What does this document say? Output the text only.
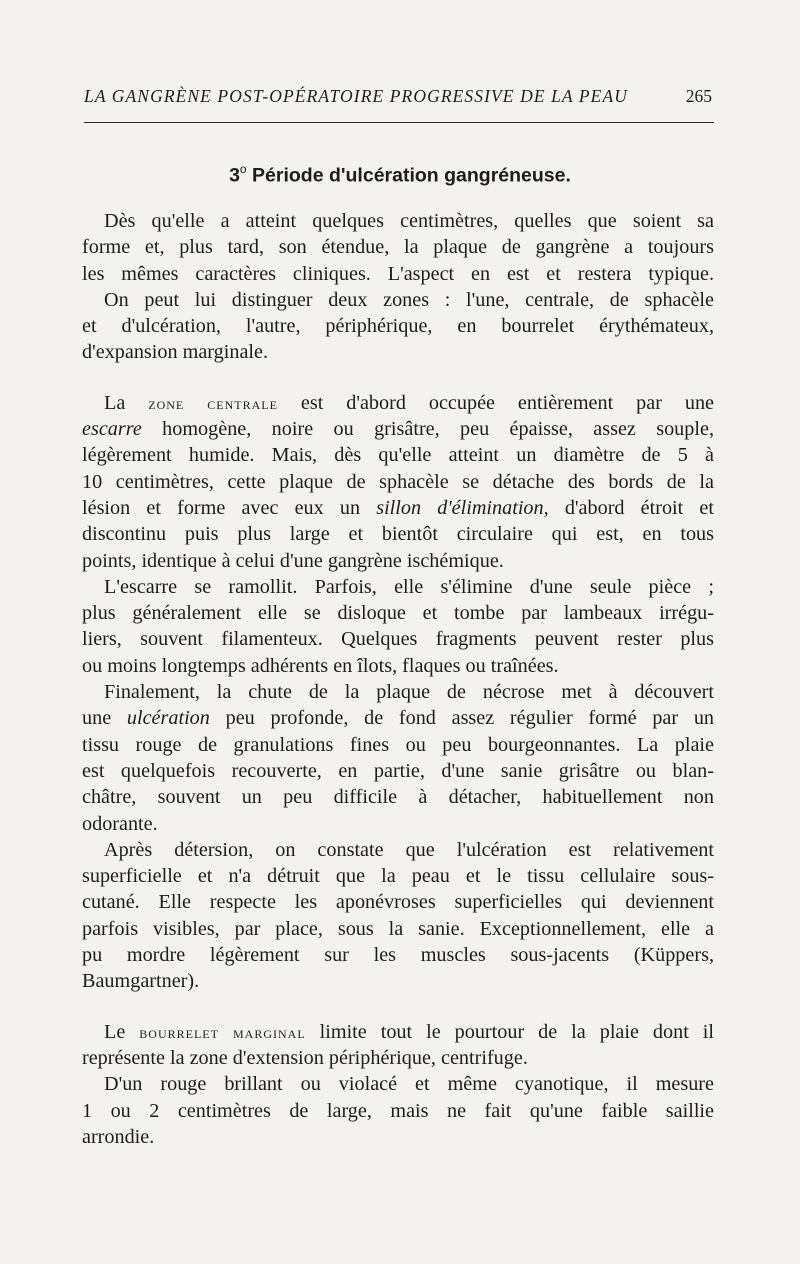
LA GANGRÈNE POST-OPÉRATOIRE PROGRESSIVE DE LA PEAU	265
3$^o$ Période d'ulcération gangréneuse.
Dès qu'elle a atteint quelques centimètres, quelles que soient sa
forme et, plus tard, son étendue, la plaque de gangrène a toujours
les mêmes caractères cliniques. L'aspect en est et restera typique.
On peut lui distinguer deux zones : l'une, centrale, de sphacèle
et d'ulcération, l'autre, périphérique, en bourrelet érythémateux,
d'expansion marginale.
La zone centrale est d'abord occupée entièrement par une
escarre homogène, noire ou grisâtre, peu épaisse, assez souple,
légèrement humide. Mais, dès qu'elle atteint un diamètre de 5 à
10 centimètres, cette plaque de sphacèle se détache des bords de la
lésion et forme avec eux un sillon d'élimination, d'abord étroit et
discontinu puis plus large et bientôt circulaire qui est, en tous
points, identique à celui d'une gangrène ischémique.
L'escarre se ramollit. Parfois, elle s'élimine d'une seule pièce ;
plus généralement elle se disloque et tombe par lambeaux irrégu-
liers, souvent filamenteux. Quelques fragments peuvent rester plus
ou moins longtemps adhérents en îlots, flaques ou traînées.
Finalement, la chute de la plaque de nécrose met à découvert
une ulcération peu profonde, de fond assez régulier formé par un
tissu rouge de granulations fines ou peu bourgeonnantes. La plaie
est quelquefois recouverte, en partie, d'une sanie grisâtre ou blan-
châtre, souvent un peu difficile à détacher, habituellement non
odorante.
Après détersion, on constate que l'ulcération est relativement
superficielle et n'a détruit que la peau et le tissu cellulaire sous-
cutané. Elle respecte les aponévroses superficielles qui deviennent
parfois visibles, par place, sous la sanie. Exceptionnellement, elle a
pu mordre légèrement sur les muscles sous-jacents (Küppers,
Baumgartner).
Le bourrelet marginal limite tout le pourtour de la plaie dont il
représente la zone d'extension périphérique, centrifuge.
D'un rouge brillant ou violacé et même cyanotique, il mesure
1 ou 2 centimètres de large, mais ne fait qu'une faible saillie
arrondie.
